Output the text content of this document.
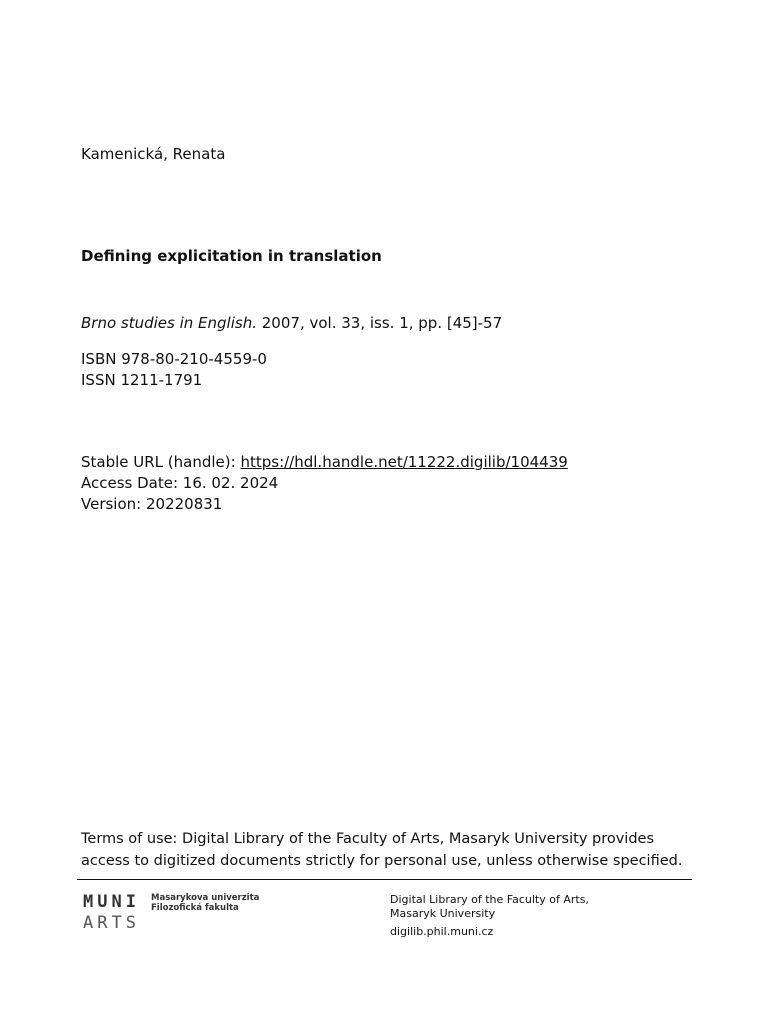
Kamenická, Renata
Defining explicitation in translation
Brno studies in English. 2007, vol. 33, iss. 1, pp. [45]-57
ISBN 978-80-210-4559-0
ISSN 1211-1791
Stable URL (handle): https://hdl.handle.net/11222.digilib/104439
Access Date: 16. 02. 2024
Version: 20220831
Terms of use: Digital Library of the Faculty of Arts, Masaryk University provides access to digitized documents strictly for personal use, unless otherwise specified.
MUNI
ARTS
Masarykova univerzita
Filozofická fakulta
Digital Library of the Faculty of Arts,
Masaryk University
digilib.phil.muni.cz
